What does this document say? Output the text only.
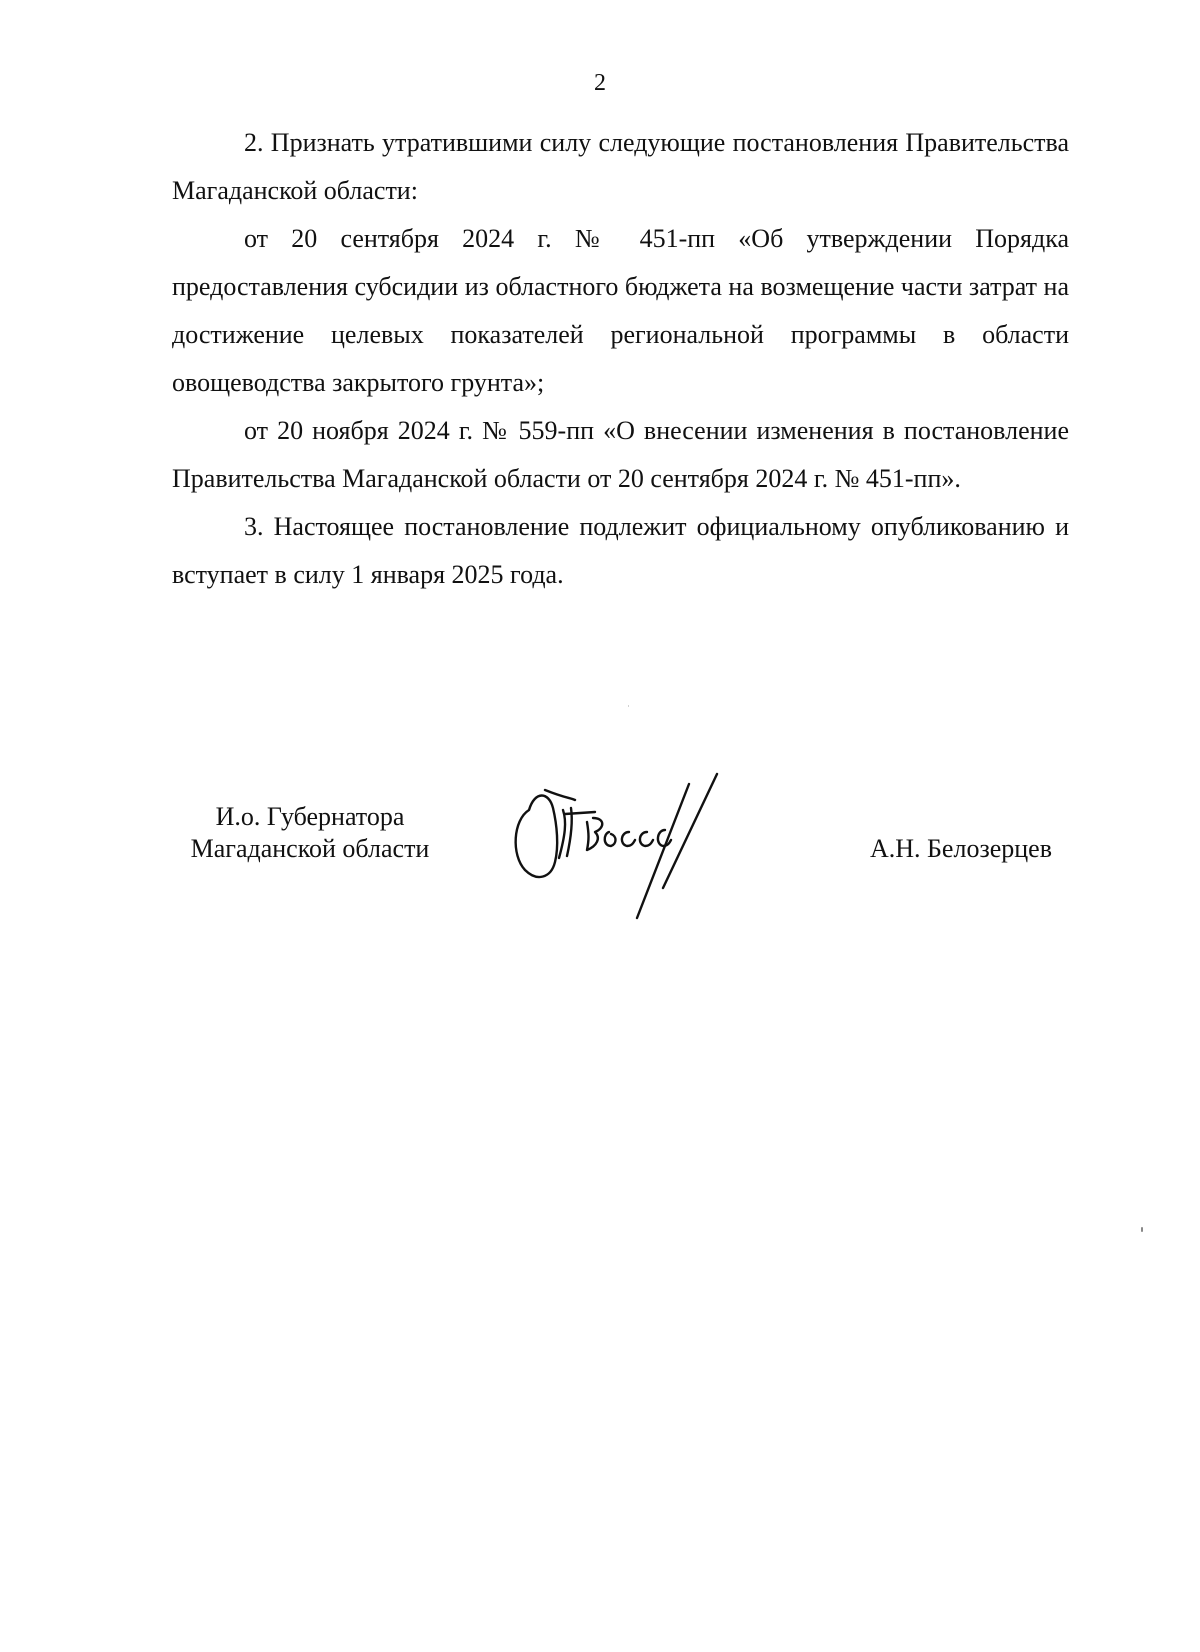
2

2. Признать утратившими силу следующие постановления Правительства Магаданской области:

от 20 сентября 2024 г. № 451-пп «Об утверждении Порядка предоставления субсидии из областного бюджета на возмещение части затрат на достижение целевых показателей региональной программы в области овощеводства закрытого грунта»;

от 20 ноября 2024 г. № 559-пп «О внесении изменения в постановление Правительства Магаданской области от 20 сентября 2024 г. № 451-пп».

3. Настоящее постановление подлежит официальному опубликованию и вступает в силу 1 января 2025 года.

И.о. Губернатора
Магаданской области	А.Н. Белозерцев
